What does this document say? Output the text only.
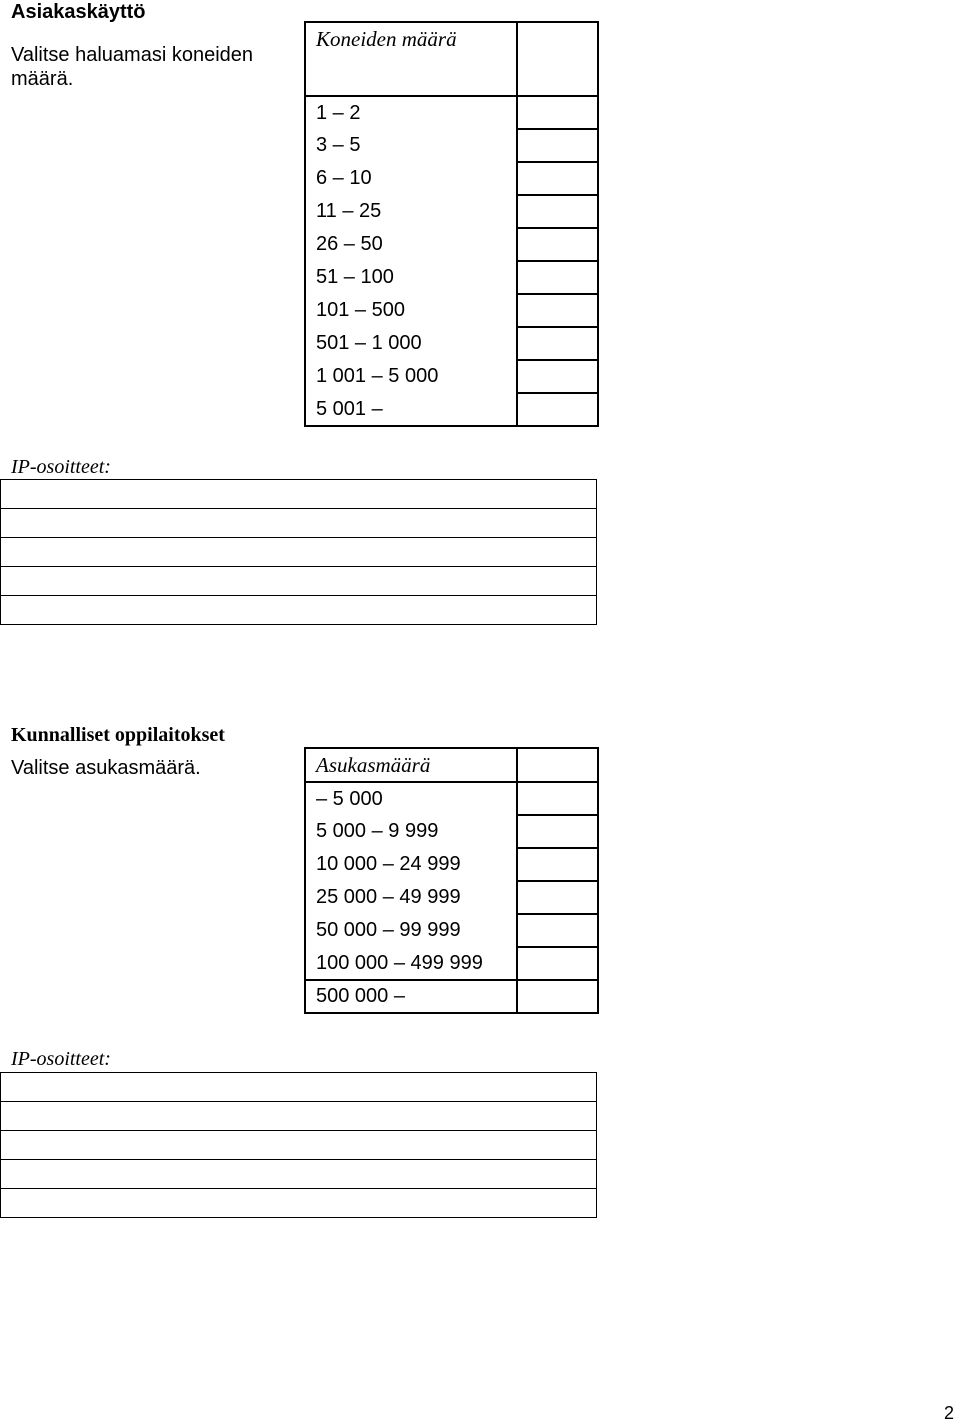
Asiakaskäyttö
Valitse haluamasi koneiden määrä.
Koneiden määrä	
1 – 2	
3 – 5	
6 – 10	
11 – 25	
26 – 50	
51 – 100	
101 – 500	
501 – 1 000	
1 001 – 5 000	
5 001 –	
IP-osoitteet:

Kunnalliset oppilaitokset
Valitse asukasmäärä.	Asukasmäärä	
– 5 000	
5 000 – 9 999	
10 000 – 24 999	
25 000 – 49 999	
50 000 – 99 999	
100 000 – 499 999	
500 000 –	
IP-osoitteet:

2
